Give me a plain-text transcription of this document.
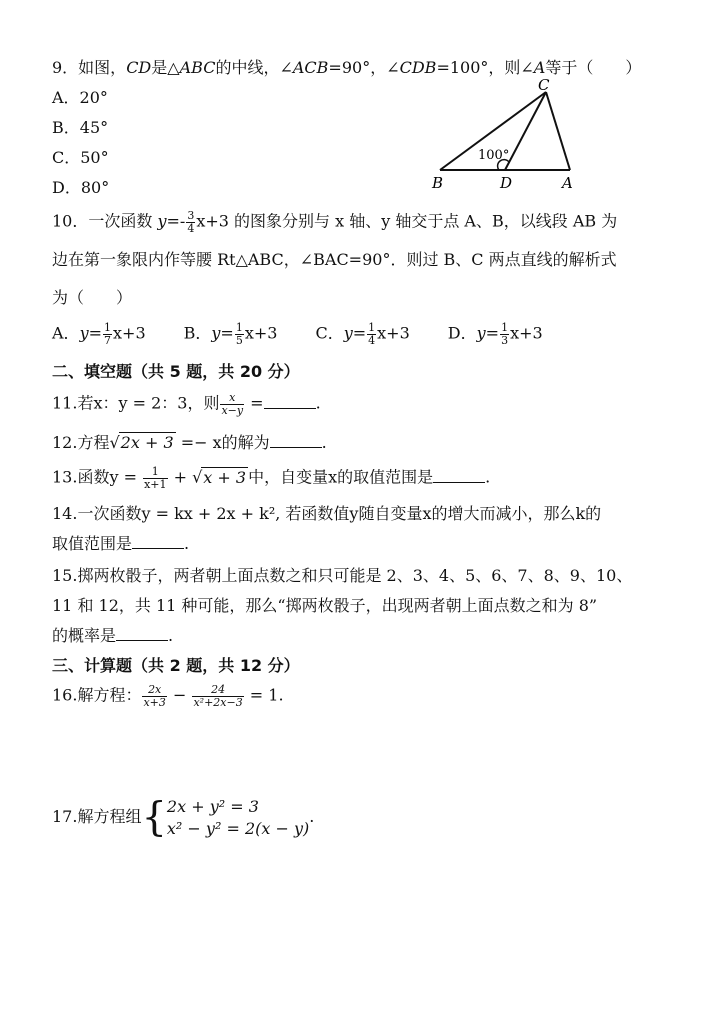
9．如图，CD是△ABC的中线，∠ACB=90°，∠CDB=100°，则∠A等于（　　）
A．20°
B．45°
C．50°
D．80°
C
B	D	A
100°
10．一次函数 $y=- \frac{3}{4} x+3$ 的图象分别与 x 轴、y 轴交于点 A、B，以线段 AB 为
边在第一象限内作等腰 Rt△ABC，∠BAC=90°．则过 B、C 两点直线的解析式
为（　　）
A．$y= \frac{1}{7} x+3$ B．$y= \frac{1}{5} x+3$ C．$y= \frac{1}{4} x+3$ D．$y= \frac{1}{3} x+3$
二、填空题（共 5 题，共 20 分）
11.若x：y = 2：3，则 $\frac{x}{x-y}$ =	.
12.方程√2x + 3 =− x的解为	.
13.函数$y = \frac{1}{x+1} + √x + 3$ 中，自变量x的取值范围是	.
14.一次函数y = kx + 2x + k², 若函数值y随自变量x的增大而减小，那么k的
取值范围是	.
15.掷两枚骰子，两者朝上面点数之和只可能是 2、3、4、5、6、7、8、9、10、
11 和 12，共 11 种可能，那么“掷两枚骰子，出现两者朝上面点数之和为 8”
的概率是	.
三、计算题（共 2 题，共 12 分）
16.解方程： $\frac{2x}{x+3} - \frac{24}{\text{x²+2x−3}} = 1$.
17.解方程组{ 2x + y² = 3
x² − y² = 2(x − y)
.
